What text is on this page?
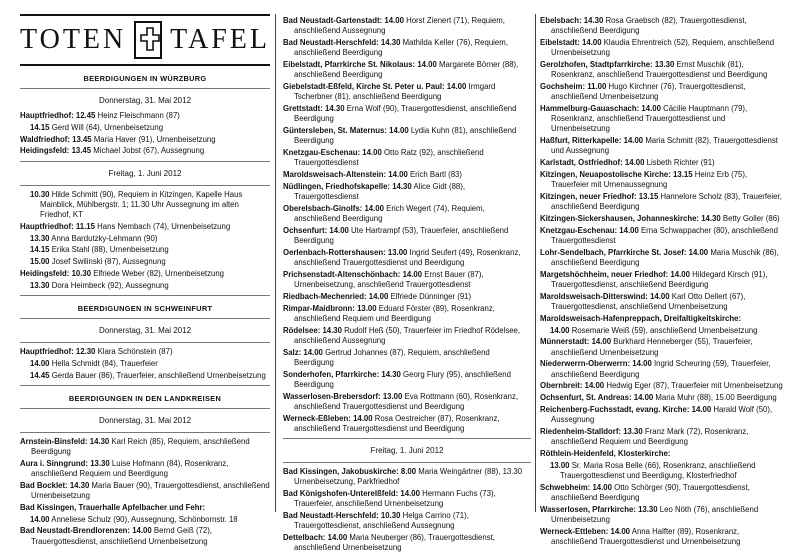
TOTEN TAFEL
BEERDIGUNGEN IN WÜRZBURG
Donnerstag, 31. Mai 2012
Hauptfriedhof: 12.45 Heinz Fleischmann (87)
14.15 Gerd Will (64), Urnenbeisetzung
Waldfriedhof: 13.45 Maria Haver (91), Urnenbeisetzung
Heidingsfeld: 13.45 Michael Jobst (67), Aussegnung
Freitag, 1. Juni 2012
10.30 Hilde Schmitt (90), Requiem in Kitzingen, Kapelle Haus Mainblick, Mühlbergstr. 1; 11.30 Uhr Aussegnung im alten Friedhof, KT
Hauptfriedhof: 11.15 Hans Nembach (74), Urnenbeisetzung
13.30 Anna Bardutzky-Lehmann (90)
14.15 Erika Stahl (88), Urnenbeisetzung
15.00 Josef Swilinski (87), Aussegnung
Heidingsfeld: 10.30 Elfriede Weber (82), Urnenbeisetzung
13.30 Dora Heimbeck (92), Aussegnung
BEERDIGUNGEN IN SCHWEINFURT
Donnerstag, 31. Mai 2012
Hauptfriedhof: 12.30 Klara Schönstein (87)
14.00 Hella Schmidt (84), Trauerfeier
14.45 Gerda Bauer (86), Trauerfeier, anschließend Urnenbeisetzung
BEERDIGUNGEN IN DEN LANDKREISEN
Donnerstag, 31. Mai 2012
Arnstein-Binsfeld: 14.30 Karl Reich (85), Requiem, anschließend Beerdigung
Aura i. Sinngrund: 13.30 Luise Hofmann (84), Rosenkranz, anschließend Requiem und Beerdigung
Bad Bocklet: 14.30 Maria Bauer (90), Trauergottesdienst, anschließend Urnenbeisetzung
Bad Kissingen, Trauerhalle Apfelbacher und Fehr:
14.00 Anneliese Schulz (90), Aussegnung, Schönbornstr. 18
Bad Neustadt-Brendlorenzen: 14.00 Bernd Geiß (72), Trauergottesdienst, anschließend Urnenbeisetzung
Bad Neustadt-Gartenstadt: 14.00 Horst Zienert (71), Requiem, anschließend Aussegnung
Bad Neustadt-Herschfeld: 14.30 Mathilda Keller (76), Requiem, anschließend Beerdigung
Eibelstadt, Pfarrkirche St. Nikolaus: 14.00 Margarete Börner (88), anschließend Beerdigung
Giebelstadt-Eßfeld, Kirche St. Peter u. Paul: 14.00 Irmgard Tscherbner (81), anschließend Beerdigung
Grettstadt: 14.30 Erna Wolf (90), Trauergottesdienst, anschließend Beerdigung
Güntersleben, St. Maternus: 14.00 Lydia Kuhn (81), anschließend Beerdigung
Knetzgau-Eschenau: 14.00 Otto Ratz (92), anschließend Trauergottesdienst
Maroldsweisach-Altenstein: 14.00 Erich Bartl (83)
Nüdlingen, Friedhofskapelle: 14.30 Alice Gidt (88), Trauergottesdienst
Oberelsbach-Ginolfs: 14.00 Erich Wegert (74), Requiem, anschließend Beerdigung
Ochsenfurt: 14.00 Ute Hartrampf (53), Trauerfeier, anschließend Beerdigung
Oerlenbach-Rottershausen: 13.00 Ingrid Seufert (49), Rosenkranz, anschließend Trauergottesdienst und Beerdigung
Prichsenstadt-Altenschönbach: 14.00 Ernst Bauer (87), Urnenbeisetzung, anschließend Trauergottesdienst
Riedbach-Mechenried: 14.00 Elfriede Dünninger (91)
Rimpar-Maidbronn: 13.00 Eduard Förster (89), Rosenkranz, anschließend Requiem und Beerdigung
Rödelsee: 14.30 Rudolf Heß (50), Trauerfeier im Friedhof Rödelsee, anschließend Aussegnung
Salz: 14.00 Gertrud Johannes (87), Requiem, anschließend Beerdigung
Sonderhofen, Pfarrkirche: 14.30 Georg Flury (95), anschließend Beerdigung
Wasserlosen-Brebersdorf: 13.00 Eva Rottmann (60), Rosenkranz, anschließend Trauergottesdienst und Beerdigung
Werneck-Eßleben: 14.00 Rosa Oestreicher (87), Rosenkranz, anschließend Trauergottesdienst und Beerdigung
Freitag, 1. Juni 2012
Bad Kissingen, Jakobuskirche: 8.00 Maria Weingärtner (88), 13.30 Urnenbeisetzung, Parkfriedhof
Bad Königshofen-Unterelßfeld: 14.00 Hermann Fuchs (73), Trauerfeier, anschließend Urnenbeisetzung
Bad Neustadt-Herschfeld: 10.30 Helga Carrino (71), Trauergottesdienst, anschließend Aussegnung
Dettelbach: 14.00 Maria Neuberger (86), Trauergottesdienst, anschließend Urnenbeisetzung
Ebelsbach: 14.30 Rosa Graebsch (82), Trauergottesdienst, anschließend Beerdigung
Eibelstadt: 14.00 Klaudia Ehrentreich (52), Requiem, anschließend Urnenbeisetzung
Gerolzhofen, Stadtpfarrkirche: 13.30 Ernst Muschik (81), Rosenkranz, anschließend Trauergottesdienst und Beerdigung
Gochsheim: 11.00 Hugo Kirchner (76), Trauergottesdienst, anschließend Urnenbeisetzung
Hammelburg-Gauaschach: 14.00 Cäcilie Hauptmann (79), Rosenkranz, anschließend Trauergottesdienst und Urnenbeisetzung
Haßfurt, Ritterkapelle: 14.00 Maria Schmitt (82), Trauergottesdienst und Aussegnung
Karlstadt, Ostfriedhof: 14.00 Lisbeth Richter (91)
Kitzingen, Neuapostolische Kirche: 13.15 Heinz Erb (75), Trauerfeier mit Urnenaussegnung
Kitzingen, neuer Friedhof: 13.15 Hannelore Scholz (83), Trauerfeier, anschließend Beerdigung
Kitzingen-Sickershausen, Johanneskirche: 14.30 Betty Goller (86)
Knetzgau-Eschenau: 14.00 Erna Schwappacher (80), anschließend Trauergottesdienst
Lohr-Sendelbach, Pfarrkirche St. Josef: 14.00 Maria Muschik (86), anschließend Beerdigung
Margetshöchheim, neuer Friedhof: 14.00 Hildegard Kirsch (91), Trauergottesdienst, anschließend Beerdigung
Maroldsweisach-Ditterswind: 14.00 Karl Otto Dellert (67), Trauergottesdienst, anschließend Urnenbeisetzung
Maroldsweisach-Hafenpreppach, Dreifaltigkeitskirche:
14.00 Rosemarie Weiß (59), anschließend Urnenbeisetzung
Münnerstadt: 14.00 Burkhard Henneberger (55), Trauerfeier, anschließend Urnenbeisetzung
Niederwerrn-Oberwerrn: 14.00 Ingrid Scheuring (59), Trauerfeier, anschließend Beerdigung
Obernbreit: 14.00 Hedwig Eger (87), Trauerfeier mit Urnenbeisetzung
Ochsenfurt, St. Andreas: 14.00 Maria Muhr (88), 15.00 Beerdigung
Reichenberg-Fuchsstadt, evang. Kirche: 14.00 Harald Wolf (50), Aussegnung
Riedenheim-Stalldorf: 13.30 Franz Mark (72), Rosenkranz, anschließend Requiem und Beerdigung
Röthlein-Heidenfeld, Klosterkirche:
13.00 Sr. Maria Rosa Belle (66), Rosenkranz, anschließend Trauergottesdienst und Beerdigung, Klosterfriedhof
Schwebheim: 14.00 Otto Schörger (90), Trauergottesdienst, anschließend Beerdigung
Wasserlosen, Pfarrkirche: 13.30 Leo Nöth (76), anschließend Urnenbeisetzung
Werneck-Ettleben: 14.00 Anna Halfter (89), Rosenkranz, anschließend Trauergottesdienst und Urnenbeisetzung
